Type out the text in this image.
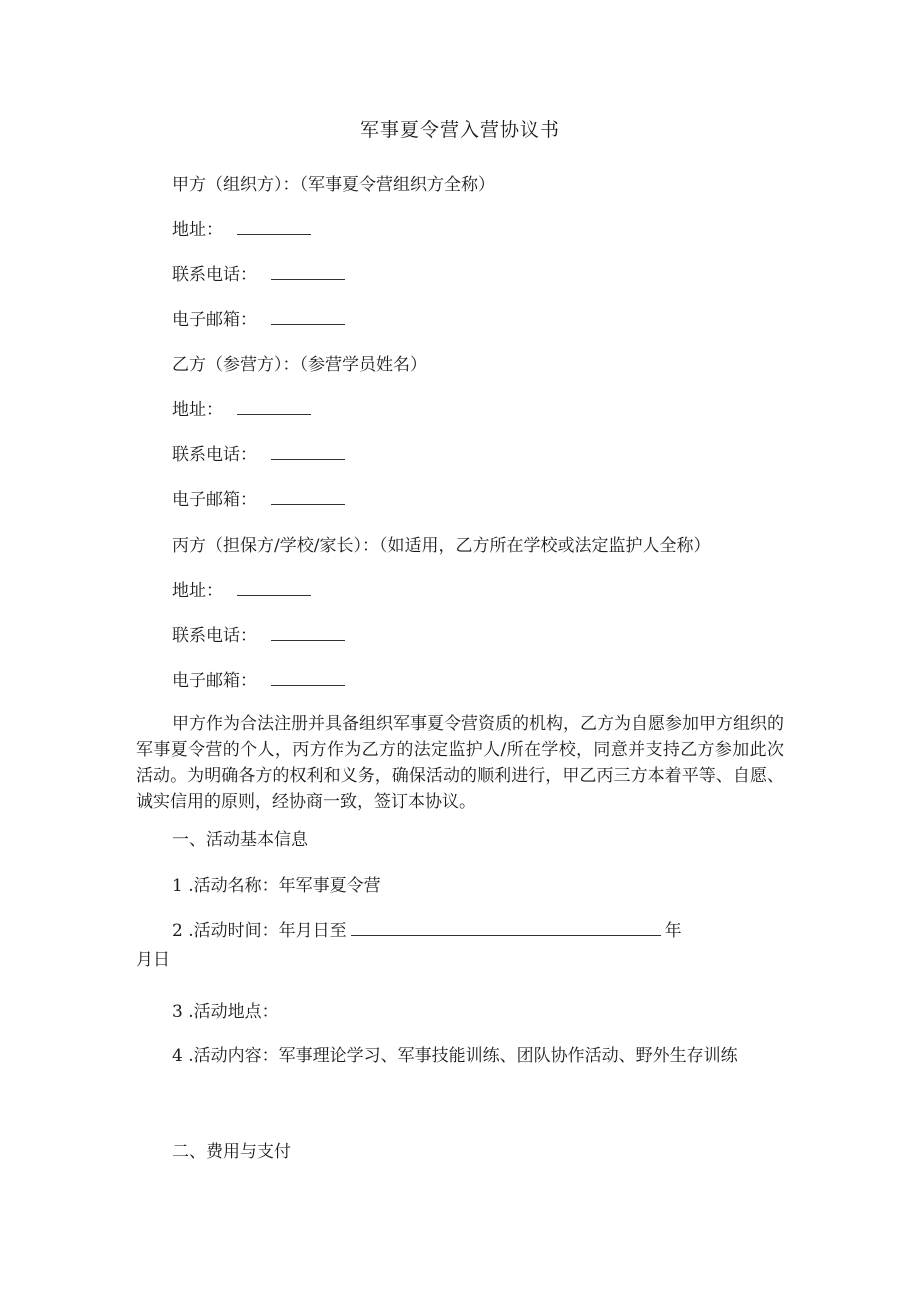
军事夏令营入营协议书
甲方（组织方）：（军事夏令营组织方全称）
地址：
联系电话：
电子邮箱：
乙方（参营方）：（参营学员姓名）
地址：
联系电话：
电子邮箱：
丙方（担保方/学校/家长）：（如适用，乙方所在学校或法定监护人全称）
地址：
联系电话：
电子邮箱：
甲方作为合法注册并具备组织军事夏令营资质的机构，乙方为自愿参加甲方组织的军事夏令营的个人，丙方作为乙方的法定监护人/所在学校，同意并支持乙方参加此次活动。为明确各方的权利和义务，确保活动的顺利进行，甲乙丙三方本着平等、自愿、诚实信用的原则，经协商一致，签订本协议。
一、活动基本信息
1 .活动名称：年军事夏令营
2 .活动时间：年月日至	年
月日
3 .活动地点：
4 .活动内容：军事理论学习、军事技能训练、团队协作活动、野外生存训练
二、费用与支付
